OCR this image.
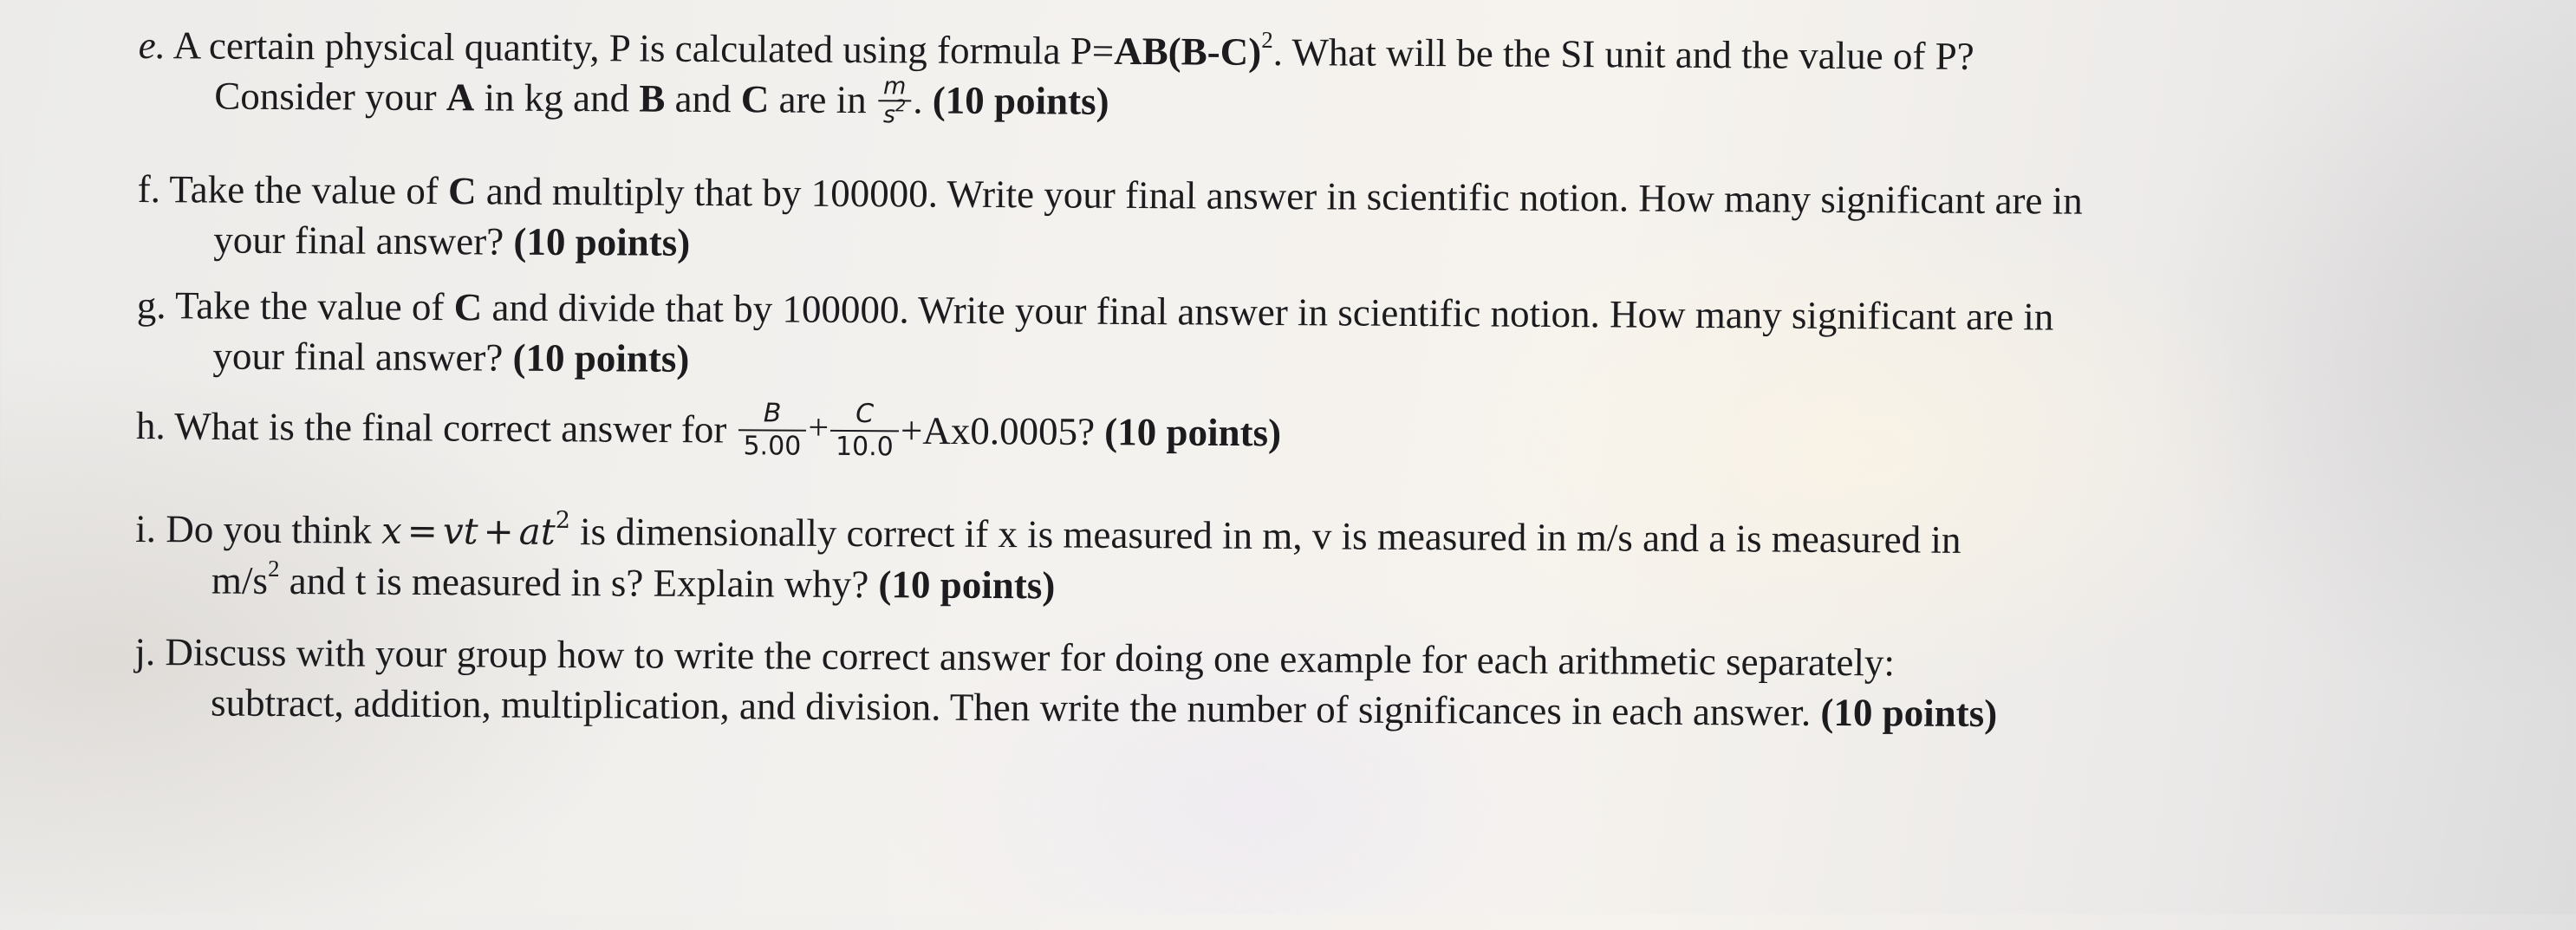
e. A certain physical quantity, P is calculated using formula $P=AB(B-C)^2$. What will be the SI unit and the value of P?
Consider your A in kg and B and C are in $\frac{m}{s^2}$ . (10 points)
f. Take the value of C and multiply that by 100000. Write your final answer in scientific notion. How many significant are in
your final answer? (10 points)
g. Take the value of C and divide that by 100000. Write your final answer in scientific notion. How many significant are in
your final answer? (10 points)
h. What is the final correct answer for $\frac{B}{5.00} + \frac{C}{10.0} +Ax0.0005$? (10 points)
i. Do you think x = vt + $at^2$ is dimensionally correct if x is measured in m, v is measured in m/s and a is measured in
$m/s^2$ and t is measured in s? Explain why? (10 points)
j. Discuss with your group how to write the correct answer for doing one example for each arithmetic separately:
subtract, addition, multiplication, and division. Then write the number of significances in each answer. (10 points)
